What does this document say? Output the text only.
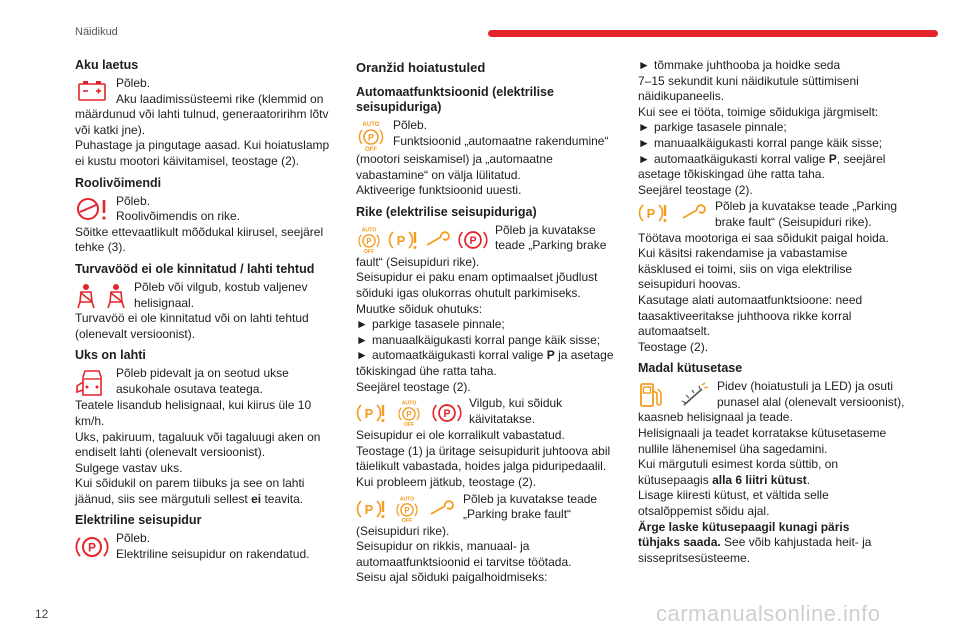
Näidikud
Aku laetus
Põleb.
Aku laadimissüsteemi rike (klemmid on
määrdunud või lahti tulnud, generaatoririhm lõtv
või katki jne).
Puhastage ja pingutage aasad. Kui hoiatuslamp
ei kustu mootori käivitamisel, teostage (2).
Roolivõimendi
Põleb.
Roolivõimendis on rike.
Sõitke ettevaatlikult mõõdukal kiirusel, seejärel
tehke (3).
Turvavööd ei ole kinnitatud / lahti tehtud
Põleb või vilgub, kostub valjenev
helisignaal.
Turvavöö ei ole kinnitatud või on lahti tehtud
(olenevalt versioonist).
Uks on lahti
Põleb pidevalt ja on seotud ukse
asukohale osutava teatega.
Teatele lisandub helisignaal, kui kiirus üle 10
km/h.
Uks, pakiruum, tagaluuk või tagaluugi aken on
endiselt lahti (olenevalt versioonist).
Sulgege vastav uks.
Kui sõidukil on parem tiibuks ja see on lahti
jäänud, siis see märgutuli sellest ei teavita.
Elektriline seisupidur
P
Põleb.
Elektriline seisupidur on rakendatud.
Oranžid hoiatustuled
Automaatfunktsioonid (elektrilise seisupiduriga)
AUTO
P
OFF
Põleb.
Funktsioonid „automaatne rakendumine“
(mootori seiskamisel) ja „automaatne
vabastamine“ on välja lülitatud.
Aktiveerige funktsioonid uuesti.
Rike (elektrilise seisupiduriga)
AUTO
P
OFF
P	P
Põleb ja kuvatakse
teade „Parking brake
fault“ (Seisupiduri rike).
Seisupidur ei paku enam optimaalset jõudlust
sõiduki igas olukorras ohutult parkimiseks.
Muutke sõiduk ohutuks:
► parkige tasasele pinnale;
► manuaalkäigukasti korral pange käik sisse;
► automaatkäigukasti korral valige P ja asetage
tõkiskingad ühe ratta taha.
Seejärel teostage (2).
P
AUTO
P
OFF
P
Vilgub, kui sõiduk
käivitatakse.
Seisupidur ei ole korralikult vabastatud.
Teostage (1) ja üritage seisupidurit juhtoova abil
täielikult vabastada, hoides jalga piduripedaalil.
Kui probleem jätkub, teostage (2).
P
AUTO
P
OFF
Põleb ja kuvatakse teade
„Parking brake fault“
(Seisupiduri rike).
Seisupidur on rikkis, manuaal- ja
automaatfunktsioonid ei tarvitse töötada.
Seisu ajal sõiduki paigalhoidmiseks:
► tõmmake juhthooba ja hoidke seda
7–15 sekundit kuni näidikutule süttimiseni
näidikupaneelis.
Kui see ei tööta, toimige sõidukiga järgmiselt:
► parkige tasasele pinnale;
► manuaalkäigukasti korral pange käik sisse;
► automaatkäigukasti korral valige P, seejärel
asetage tõkiskingad ühe ratta taha.
Seejärel teostage (2).
P	Põleb ja kuvatakse teade „Parking
brake fault“ (Seisupiduri rike).
Töötava mootoriga ei saa sõidukit paigal hoida.
Kui käsitsi rakendamise ja vabastamise
käsklused ei toimi, siis on viga elektrilise
seisupiduri hoovas.
Kasutage alati automaatfunktsioone: need
taasaktiveeritakse juhthoova rikke korral
automaatselt.
Teostage (2).
Madal kütusetase
Pidev (hoiatustuli ja LED) ja osuti
punasel alal (olenevalt versioonist),
kaasneb helisignaal ja teade.
Helisignaali ja teadet korratakse kütusetaseme
nullile lähenemisel üha sagedamini.
Kui märgutuli esimest korda süttib, on
kütusepaagis alla 6 liitri kütust.
Lisage kiiresti kütust, et vältida selle
otsalõppemist sõidu ajal.
Ärge laske kütusepaagil kunagi päris
tühjaks saada. See võib kahjustada heit- ja
sissepritsesüsteeme.
12	carmanualsonline.info
